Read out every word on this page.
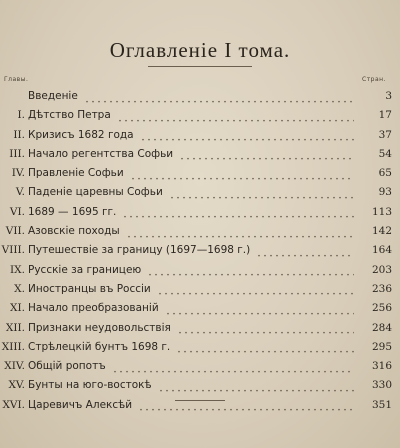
Оглавленіе I тома.
Главы.	Стран.
Введеніе	3
I. Дѣтство Петра	17
II. Кризисъ 1682 года	37
III. Начало регентства Софьи	54
IV. Правленіе Софьи	65
V. Паденіе царевны Софьи	93
VI. 1689 — 1695 гг.	113
VII. Азовскіе походы	142
VIII. Путешествіе за границу (1697—1698 г.)	164
IX. Русскіе за границею	203
X. Иностранцы въ Россіи	236
XI. Начало преобразованій	256
XII. Признаки неудовольствія	284
XIII. Стрѣлецкій бунтъ 1698 г.	295
XIV. Общій ропотъ	316
XV. Бунты на юго-востокѣ	330
XVI. Царевичъ Алексѣй	351
